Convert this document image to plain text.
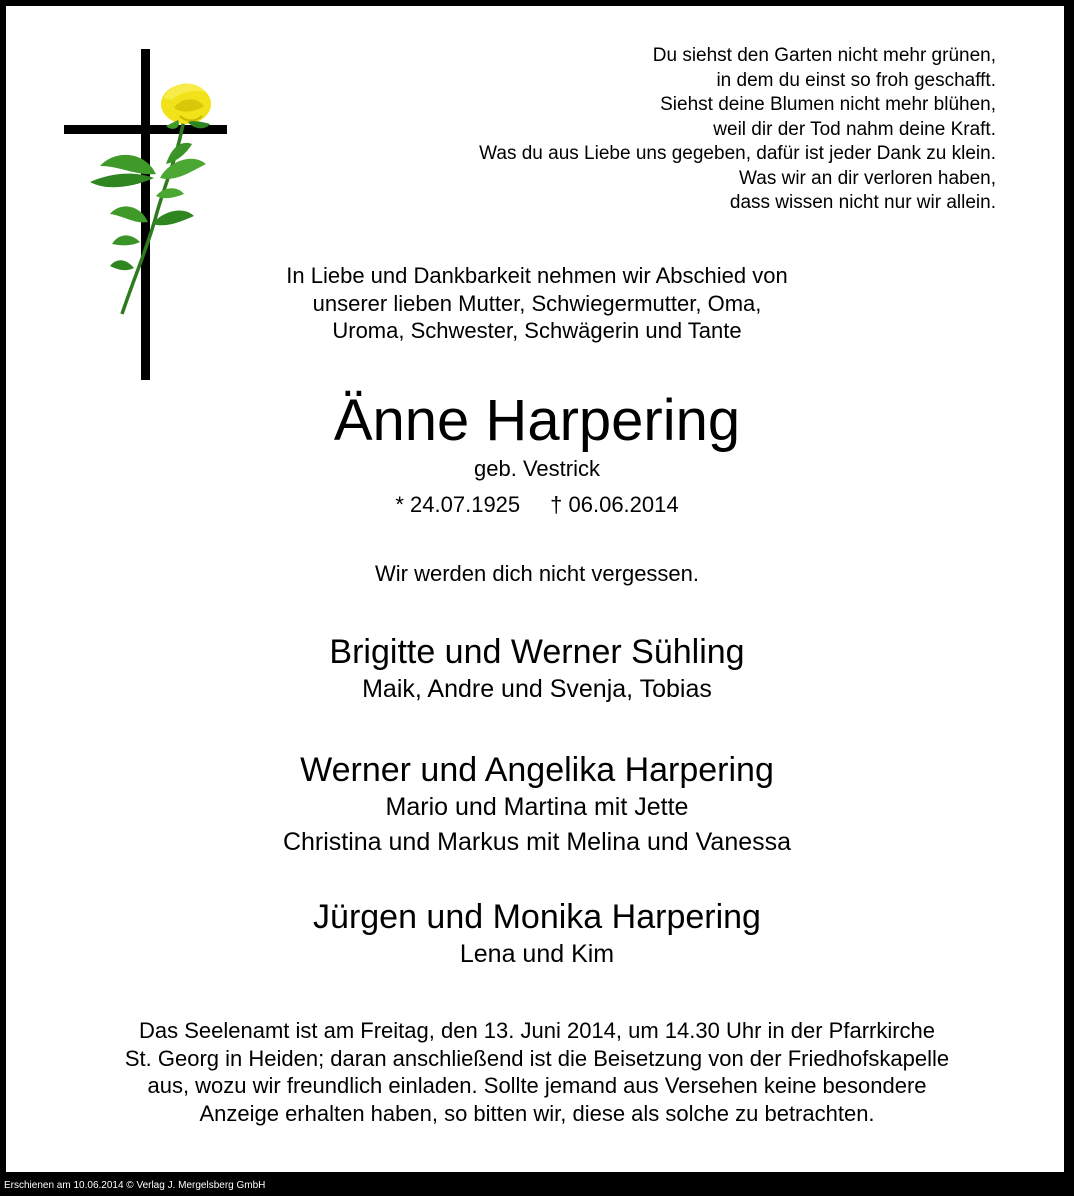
Du siehst den Garten nicht mehr grünen,
in dem du einst so froh geschafft.
Siehst deine Blumen nicht mehr blühen,
weil dir der Tod nahm deine Kraft.
Was du aus Liebe uns gegeben, dafür ist jeder Dank zu klein.
Was wir an dir verloren haben,
dass wissen nicht nur wir allein.
In Liebe und Dankbarkeit nehmen wir Abschied von
unserer lieben Mutter, Schwiegermutter, Oma,
Uroma, Schwester, Schwägerin und Tante
Änne Harpering
geb. Vestrick
* 24.07.1925 † 06.06.2014
Wir werden dich nicht vergessen.
Brigitte und Werner Sühling
Maik, Andre und Svenja, Tobias
Werner und Angelika Harpering
Mario und Martina mit Jette
Christina und Markus mit Melina und Vanessa
Jürgen und Monika Harpering
Lena und Kim
Das Seelenamt ist am Freitag, den 13. Juni 2014, um 14.30 Uhr in der Pfarrkirche
St. Georg in Heiden; daran anschließend ist die Beisetzung von der Friedhofskapelle
aus, wozu wir freundlich einladen. Sollte jemand aus Versehen keine besondere
Anzeige erhalten haben, so bitten wir, diese als solche zu betrachten.
Erschienen am 10.06.2014 © Verlag J. Mergelsberg GmbH
